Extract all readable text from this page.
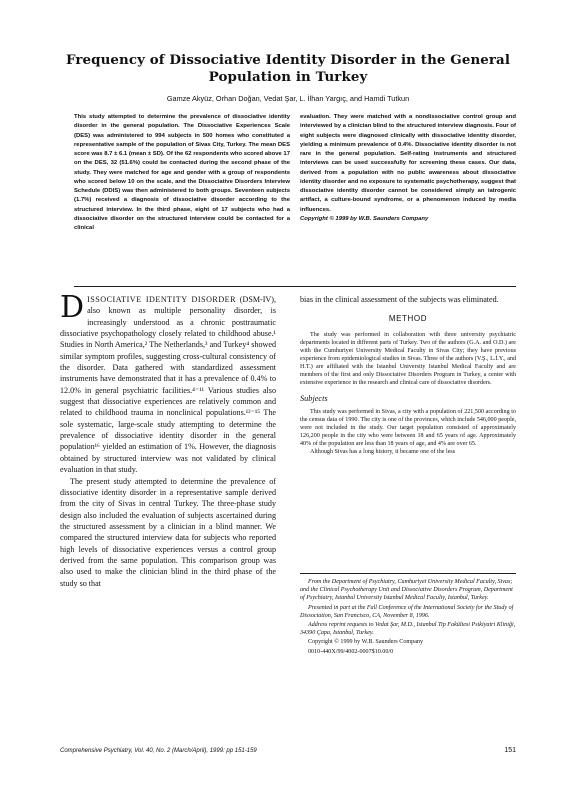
Frequency of Dissociative Identity Disorder in the General Population in Turkey
Gamze Akyüz, Orhan Doğan, Vedat Şar, L. İlhan Yargıç, and Hamdi Tutkun
This study attempted to determine the prevalence of dissociative identity disorder in the general population. The Dissociative Experiences Scale (DES) was administered to 994 subjects in 500 homes who constituted a representative sample of the population of Sivas City, Turkey. The mean DES score was 8.7 ± 6.1 (mean ± SD). Of the 62 respondents who scored above 17 on the DES, 32 (51.6%) could be contacted during the second phase of the study. They were matched for age and gender with a group of respondents who scored below 10 on the scale, and the Dissociative Disorders Interview Schedule (DDIS) was then administered to both groups. Seventeen subjects (1.7%) received a diagnosis of dissociative disorder according to the structured interview. In the third phase, eight of 17 subjects who had a dissociative disorder on the structured interview could be contacted for a clinical
evaluation. They were matched with a nondissociative control group and interviewed by a clinician blind to the structured interview diagnosis. Four of eight subjects were diagnosed clinically with dissociative identity disorder, yielding a minimum prevalence of 0.4%. Dissociative identity disorder is not rare in the general population. Self-rating instruments and structured interviews can be used successfully for screening these cases. Our data, derived from a population with no public awareness about dissociative identity disorder and no exposure to systematic psychotherapy, suggest that dissociative identity disorder cannot be considered simply an iatrogenic artifact, a culture-bound syndrome, or a phenomenon induced by media influences.
Copyright © 1999 by W.B. Saunders Company

DISSOCIATIVE IDENTITY DISORDER (DSM-IV), also known as multiple personality disorder, is increasingly understood as a chronic posttraumatic dissociative psychopathology closely related to childhood abuse.¹ Studies in North America,² The Netherlands,³ and Turkey⁴ showed similar symptom profiles, suggesting cross-cultural consistency of the disorder. Data gathered with standardized assessment instruments have demonstrated that it has a prevalence of 0.4% to 12.0% in general psychiatric facilities.⁴⁻¹¹ Various studies also suggest that dissociative experiences are relatively common and related to childhood trauma in nonclinical populations.¹²⁻¹⁵ The sole systematic, large-scale study attempting to determine the prevalence of dissociative identity disorder in the general population¹⁶ yielded an estimation of 1%. However, the diagnosis obtained by structured interview was not validated by clinical evaluation in that study.

The present study attempted to determine the prevalence of dissociative identity disorder in a representative sample derived from the city of Sivas in central Turkey. The three-phase study design also included the evaluation of subjects ascertained during the structured assessment by a clinician in a blind manner. We compared the structured interview data for subjects who reported high levels of dissociative experiences versus a control group derived from the same population. This comparison group was also used to make the clinician blind in the third phase of the study so that

bias in the clinical assessment of the subjects was eliminated.

METHOD

The study was performed in collaboration with three university psychiatric departments located in different parts of Turkey. Two of the authors (G.A. and O.D.) are with the Cumhuriyet University Medical Faculty in Sivas City; they have previous experience from epidemiological studies in Sivas. Three of the authors (V.Ş., L.İ.Y., and H.T.) are affiliated with the Istanbul University Istanbul Medical Faculty and are members of the first and only Dissociative Disorders Program in Turkey, a center with extensive experience in the research and clinical care of dissociative disorders.

Subjects

This study was performed in Sivas, a city with a population of 221,500 according to the census data of 1990. The city is one of the provinces, which include 546,000 people, were not included in the study. Our target population consisted of approximately 126,200 people in the city who were between 18 and 65 years of age. Approximately 40% of the population are less than 18 years of age, and 4% are over 65.

Although Sivas has a long history, it became one of the less

From the Department of Psychiatry, Cumhuriyet University Medical Faculty, Sivas; and the Clinical Psychotherapy Unit and Dissociative Disorders Program, Department of Psychiatry, Istanbul University Istanbul Medical Faculty, Istanbul, Turkey.

Presented in part at the Fall Conference of the International Society for the Study of Dissociation, San Francisco, CA, November 8, 1996.

Address reprint requests to Vedat Şar, M.D., Istanbul Tip Fakültesi Psikiyatri Kliniği, 34390 Çapa, Istanbul, Turkey.

Copyright © 1999 by W.B. Saunders Company

0010-440X/99/4002-0007$10.00/0

Comprehensive Psychiatry, Vol. 40, No. 2 (March/April), 1999: pp 151-159	151
